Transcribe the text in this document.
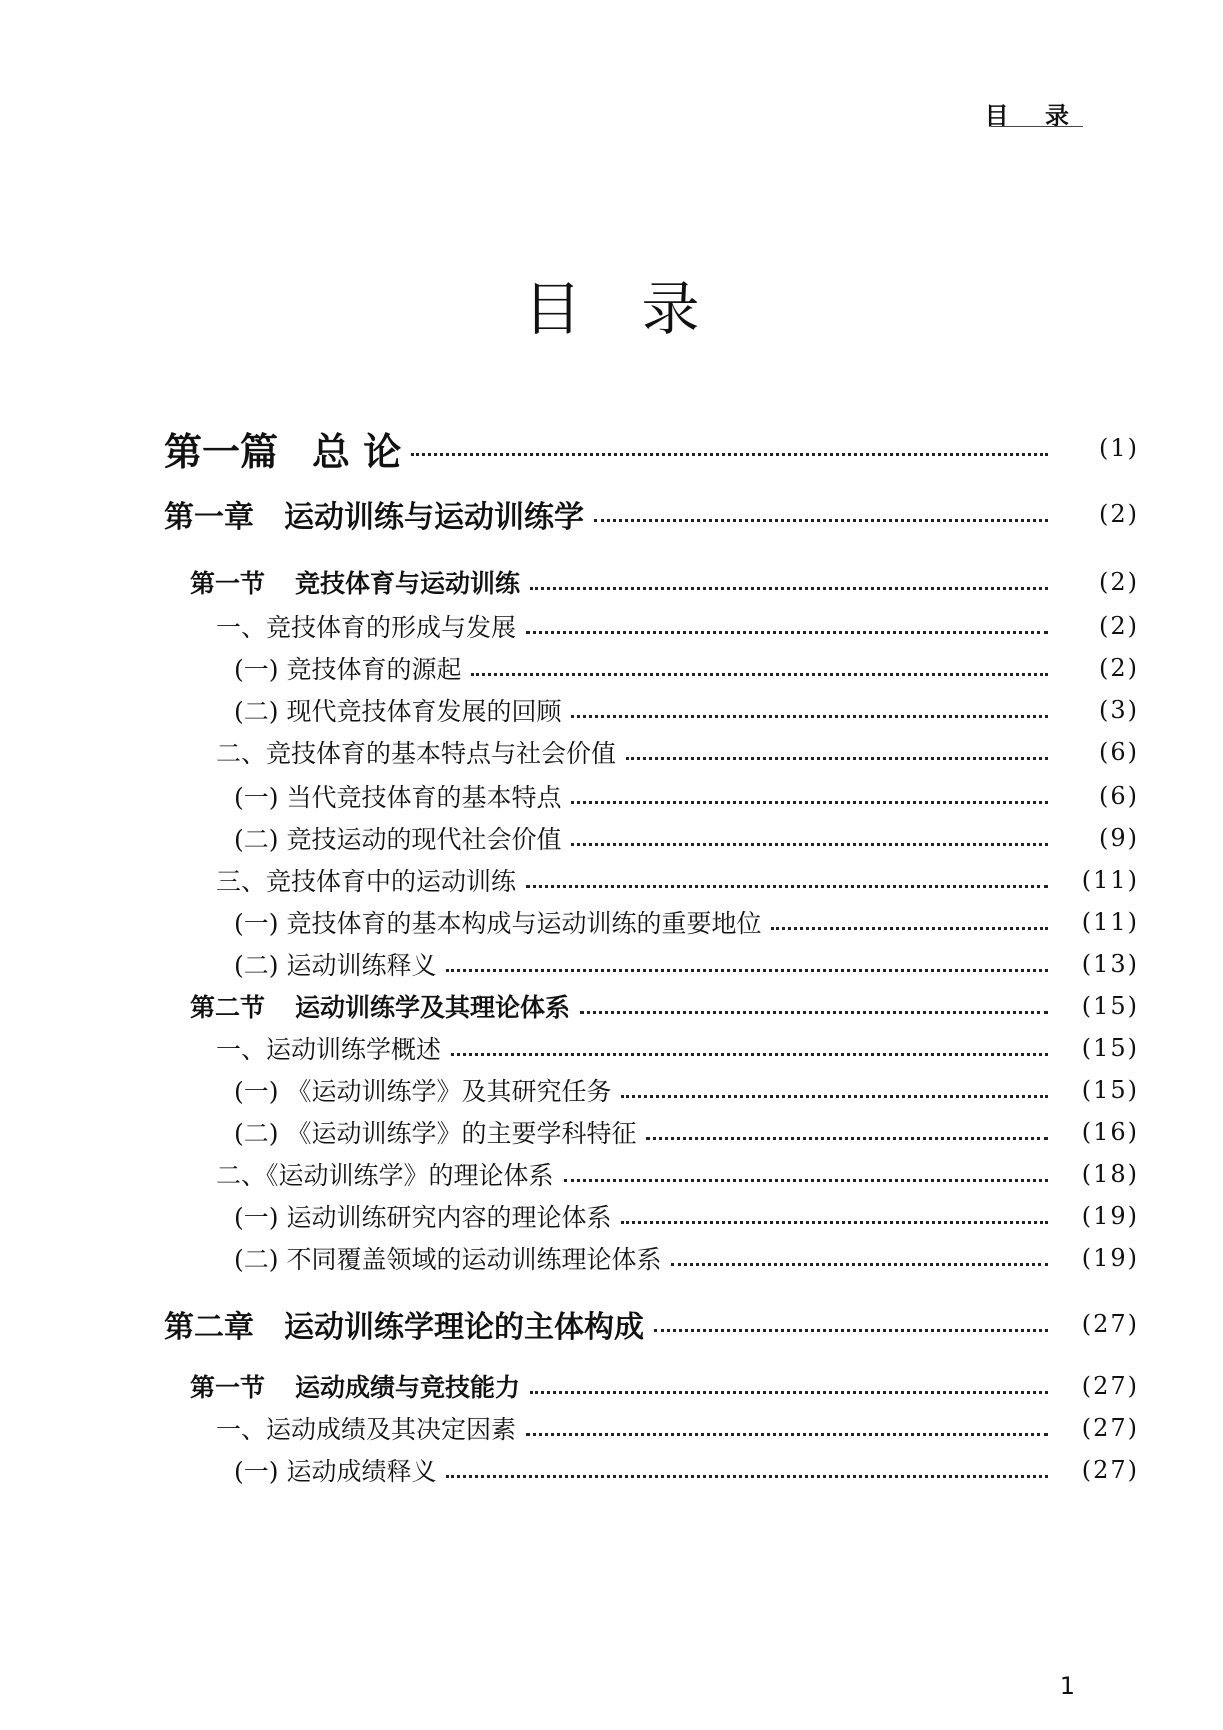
目 录
目录
第一篇 总 论	(1)
第一章 运动训练与运动训练学	(2)
第一节 竞技体育与运动训练	(2)
一、竞技体育的形成与发展	(2)
(一) 竞技体育的源起	(2)
(二) 现代竞技体育发展的回顾	(3)
二、竞技体育的基本特点与社会价值	(6)
(一) 当代竞技体育的基本特点	(6)
(二) 竞技运动的现代社会价值	(9)
三、竞技体育中的运动训练	(11)
(一) 竞技体育的基本构成与运动训练的重要地位	(11)
(二) 运动训练释义	(13)
第二节 运动训练学及其理论体系	(15)
一、运动训练学概述	(15)
(一) 《运动训练学》及其研究任务	(15)
(二) 《运动训练学》的主要学科特征	(16)
二、《运动训练学》的理论体系	(18)
(一) 运动训练研究内容的理论体系	(19)
(二) 不同覆盖领域的运动训练理论体系	(19)
第二章 运动训练学理论的主体构成	(27)
第一节 运动成绩与竞技能力	(27)
一、运动成绩及其决定因素	(27)
(一) 运动成绩释义	(27)
1
